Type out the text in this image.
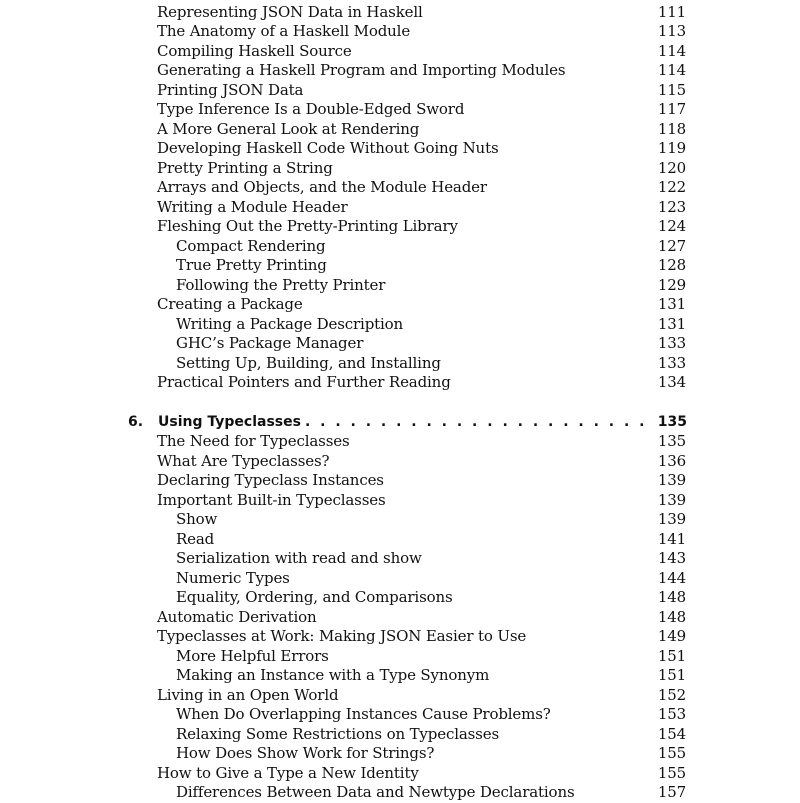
Representing JSON Data in Haskell	111
The Anatomy of a Haskell Module	113
Compiling Haskell Source	114
Generating a Haskell Program and Importing Modules	114
Printing JSON Data	115
Type Inference Is a Double-Edged Sword	117
A More General Look at Rendering	118
Developing Haskell Code Without Going Nuts	119
Pretty Printing a String	120
Arrays and Objects, and the Module Header	122
Writing a Module Header	123
Fleshing Out the Pretty-Printing Library	124
Compact Rendering	127
True Pretty Printing	128
Following the Pretty Printer	129
Creating a Package	131
Writing a Package Description	131
GHC’s Package Manager	133
Setting Up, Building, and Installing	133
Practical Pointers and Further Reading	134
6.	Using Typeclasses . . .	135
The Need for Typeclasses	135
What Are Typeclasses?	136
Declaring Typeclass Instances	139
Important Built-in Typeclasses	139
Show	139
Read	141
Serialization with read and show	143
Numeric Types	144
Equality, Ordering, and Comparisons	148
Automatic Derivation	148
Typeclasses at Work: Making JSON Easier to Use	149
More Helpful Errors	151
Making an Instance with a Type Synonym	151
Living in an Open World	152
When Do Overlapping Instances Cause Problems?	153
Relaxing Some Restrictions on Typeclasses	154
How Does Show Work for Strings?	155
How to Give a Type a New Identity	155
Differences Between Data and Newtype Declarations	157
